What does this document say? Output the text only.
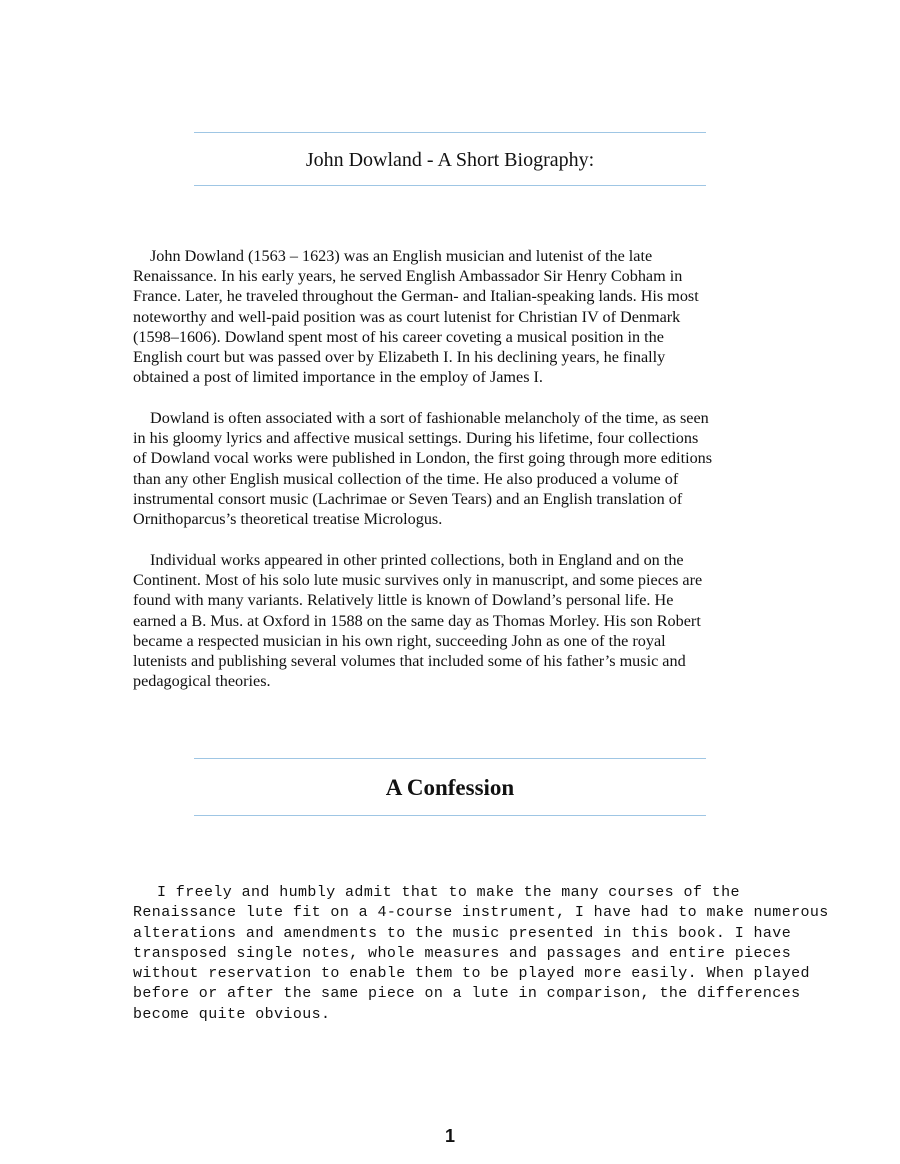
John Dowland - A Short Biography:

John Dowland (1563 – 1623) was an English musician and lutenist of the late
Renaissance. In his early years, he served English Ambassador Sir Henry Cobham in
France. Later, he traveled throughout the German- and Italian-speaking lands. His most
noteworthy and well-paid position was as court lutenist for Christian IV of Denmark
(1598–1606). Dowland spent most of his career coveting a musical position in the
English court but was passed over by Elizabeth I. In his declining years, he finally
obtained a post of limited importance in the employ of James I.

Dowland is often associated with a sort of fashionable melancholy of the time, as seen
in his gloomy lyrics and affective musical settings. During his lifetime, four collections
of Dowland vocal works were published in London, the first going through more editions
than any other English musical collection of the time. He also produced a volume of
instrumental consort music (Lachrimae or Seven Tears) and an English translation of
Ornithoparcus’s theoretical treatise Micrologus.

Individual works appeared in other printed collections, both in England and on the
Continent. Most of his solo lute music survives only in manuscript, and some pieces are
found with many variants. Relatively little is known of Dowland’s personal life. He
earned a B. Mus. at Oxford in 1588 on the same day as Thomas Morley. His son Robert
became a respected musician in his own right, succeeding John as one of the royal
lutenists and publishing several volumes that included some of his father’s music and
pedagogical theories.

A Confession

I freely and humbly admit that to make the many courses of the
Renaissance lute fit on a 4-course instrument, I have had to make numerous
alterations and amendments to the music presented in this book. I have
transposed single notes, whole measures and passages and entire pieces
without reservation to enable them to be played more easily. When played
before or after the same piece on a lute in comparison, the differences
become quite obvious.

1
